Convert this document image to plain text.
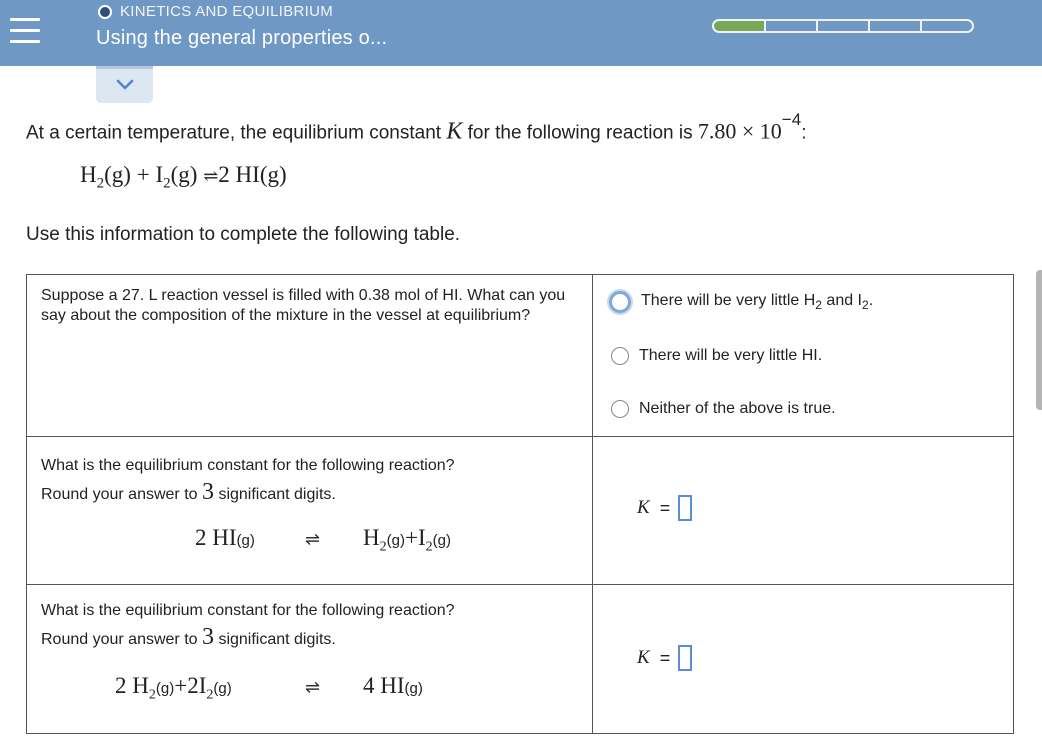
KINETICS AND EQUILIBRIUM
Using the general properties o...
At a certain temperature, the equilibrium constant K for the following reaction is $7.80 \times 10^{-4}$:
$H_2(g) + I_2(g)$ ⇌2 HI(g)
Use this information to complete the following table.
Suppose a 27. L reaction vessel is filled with 0.38 mol of HI. What can you say about the composition of the mixture in the vessel at equilibrium?
There will be very little $H_2$ and $I_2$.
There will be very little HI.
Neither of the above is true.
What is the equilibrium constant for the following reaction?
Round your answer to 3 significant digits.
2 HI(g)	⇌ $H_2(g)+I_2(g)$
K =
What is the equilibrium constant for the following reaction?
Round your answer to 3 significant digits.
2 $H_2(g)+2I_2(g)$	⇌ 4 HI(g)
K =
